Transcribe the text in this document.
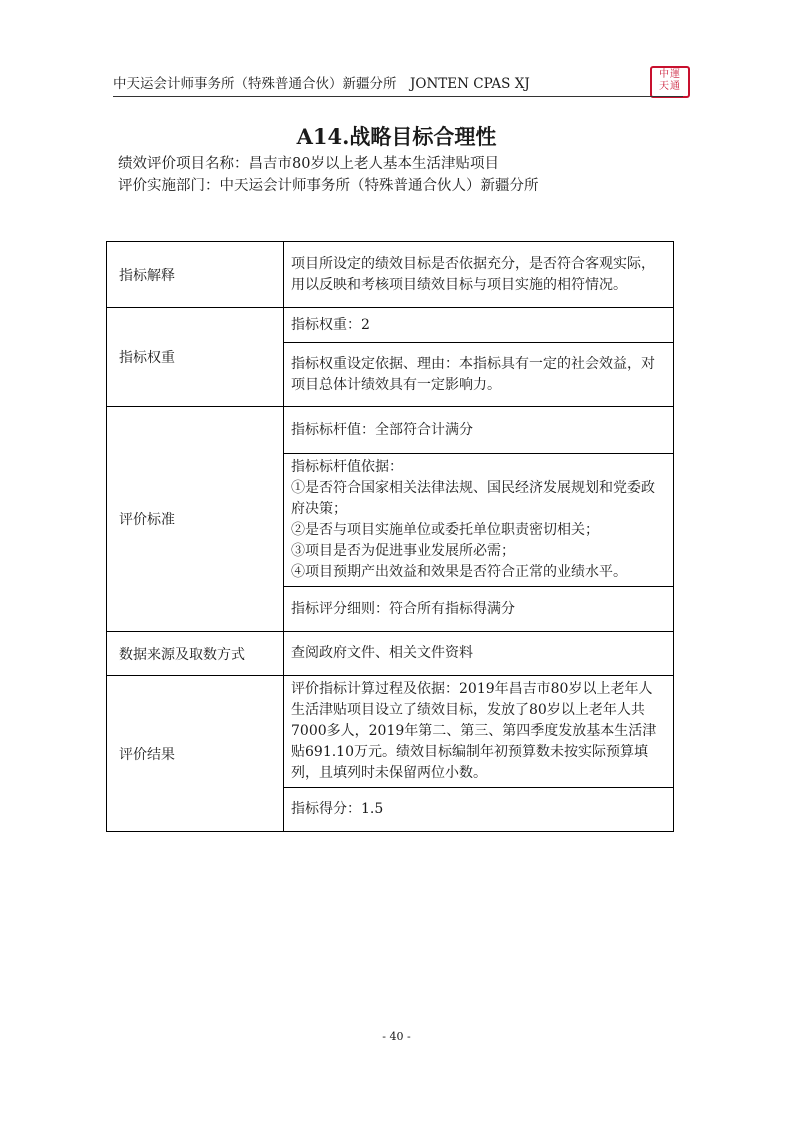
中天运会计师事务所（特殊普通合伙）新疆分所　JONTEN CPAS XJ
中運
天通
A14.战略目标合理性
绩效评价项目名称：昌吉市80岁以上老人基本生活津贴项目
评价实施部门：中天运会计师事务所（特殊普通合伙人）新疆分所
指标解释	项目所设定的绩效目标是否依据充分，是否符合客观实际，用以反映和考核项目绩效目标与项目实施的相符情况。
指标权重	指标权重：2
	指标权重设定依据、理由：本指标具有一定的社会效益，对项目总体计绩效具有一定影响力。
评价标准	指标标杆值：全部符合计满分

	指标标杆值依据：
①是否符合国家相关法律法规、国民经济发展规划和党委政府决策；
②是否与项目实施单位或委托单位职责密切相关；
③项目是否为促进事业发展所必需；
④项目预期产出效益和效果是否符合正常的业绩水平。

	指标评分细则：符合所有指标得满分
数据来源及取数方式	查阅政府文件、相关文件资料
评价结果	评价指标计算过程及依据：2019年昌吉市80岁以上老年人生活津贴项目设立了绩效目标，发放了80岁以上老年人共7000多人，2019年第二、第三、第四季度发放基本生活津贴691.10万元。绩效目标编制年初预算数未按实际预算填列，且填列时未保留两位小数。
	指标得分：1.5
- 40 -
